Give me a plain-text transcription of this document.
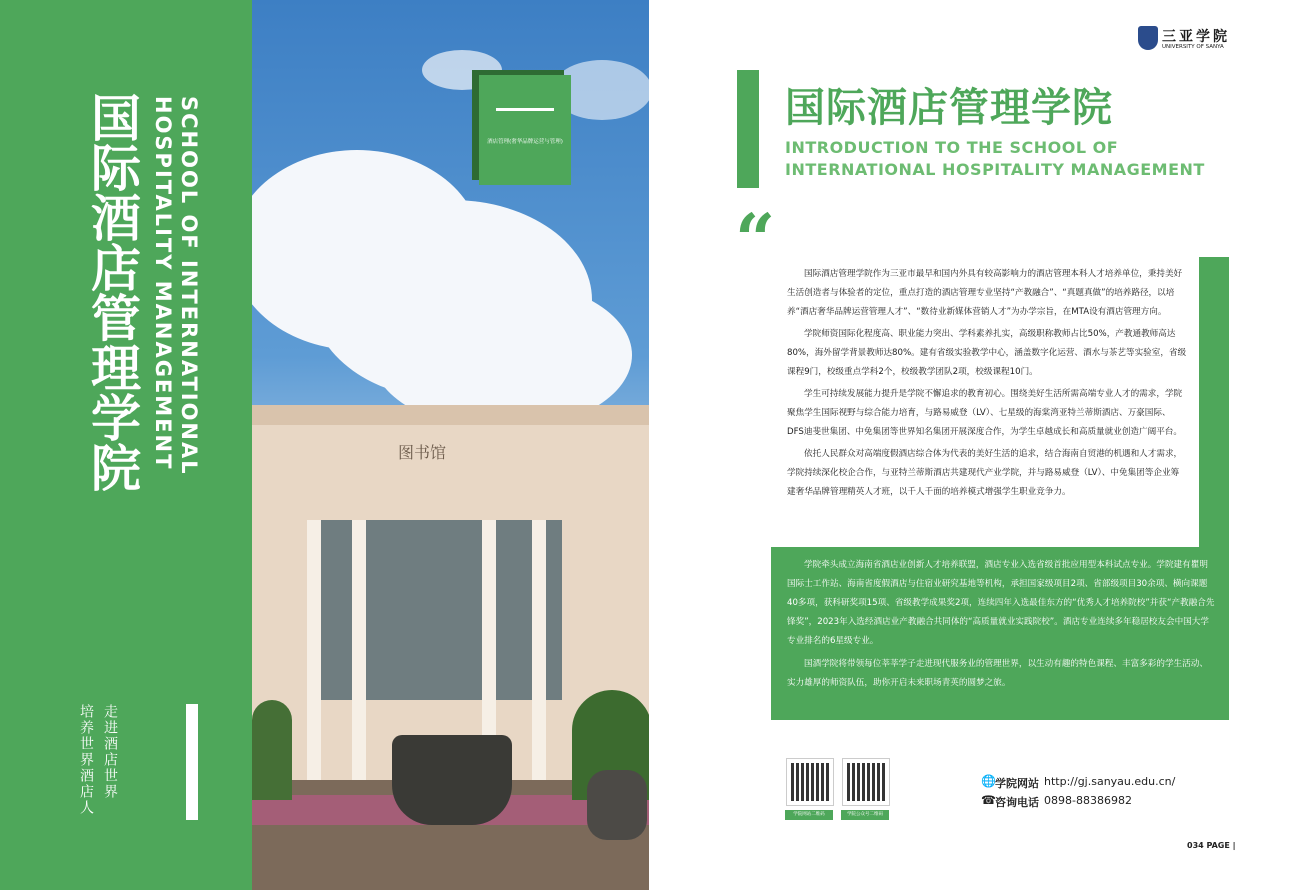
国际酒店管理学院	SCHOOL OF INTERNATIONAL HOSPITALITY MANAGEMENT
走进酒店世界
培养世界酒店人
图书馆
酒店管理(奢华品牌运营与管理)
三亚学院
UNIVERSITY OF SANYA
国际酒店管理学院
INTRODUCTION TO THE SCHOOL OF
INTERNATIONAL HOSPITALITY MANAGEMENT
“	国际酒店管理学院作为三亚市最早和国内外具有较高影响力的酒店管理本科人才培养单位，秉持美好生活创造者与体验者的定位，重点打造的酒店管理专业坚持“产教融合”、“真题真做”的培养路径，以培养“酒店奢华品牌运营管理人才”、“数待业新媒体营销人才”为办学宗旨，在MTA设有酒店管理方向。

学院师资国际化程度高、职业能力突出、学科素养扎实，高级职称教师占比50%，产教通教师高达80%，海外留学背景教师达80%。建有省级实验教学中心，涵盖数字化运营、酒水与茶艺等实验室，省级课程9门，校级重点学科2个，校级教学团队2项，校级课程10门。

学生可持续发展能力提升是学院不懈追求的教育初心。围绕美好生活所需高端专业人才的需求，学院聚焦学生国际视野与综合能力培育，与路易威登（LV）、七星级的海棠湾亚特兰蒂斯酒店、万豪国际、DFS迪斐世集团、中免集团等世界知名集团开展深度合作，为学生卓越成长和高质量就业创造广阔平台。

依托人民群众对高端度假酒店综合体为代表的美好生活的追求，结合海南自贸港的机遇和人才需求，学院持续深化校企合作，与亚特兰蒂斯酒店共建现代产业学院，并与路易威登（LV）、中免集团等企业筹建奢华品牌管理精英人才班，以千人千面的培养模式增强学生职业竞争力。

学院牵头成立海南省酒店业创新人才培养联盟，酒店专业入选省级首批应用型本科试点专业。学院建有瞿明国际士工作站、海南省度假酒店与住宿业研究基地等机构，承担国家级项目2项、省部级项目30余项、横向课题40多项，获科研奖项15项、省级教学成果奖2项，连续四年入选最佳东方的“优秀人才培养院校”并获“产教融合先锋奖”，2023年入选经酒店业产教融合共同体的“高质量就业实践院校”。酒店专业连续多年稳居校友会中国大学专业排名的6星级专业。

国酒学院将带领每位莘莘学子走进现代服务业的管理世界，以生动有趣的特色课程、丰富多彩的学生活动、实力雄厚的师资队伍，助你开启未来职场青英的圆梦之旅。

学院网站二维码	学院公众号二维码
🌐 学院网站 http://gj.sanyau.edu.cn/
☎ 咨询电话 0898-88386982
034 PAGE |
